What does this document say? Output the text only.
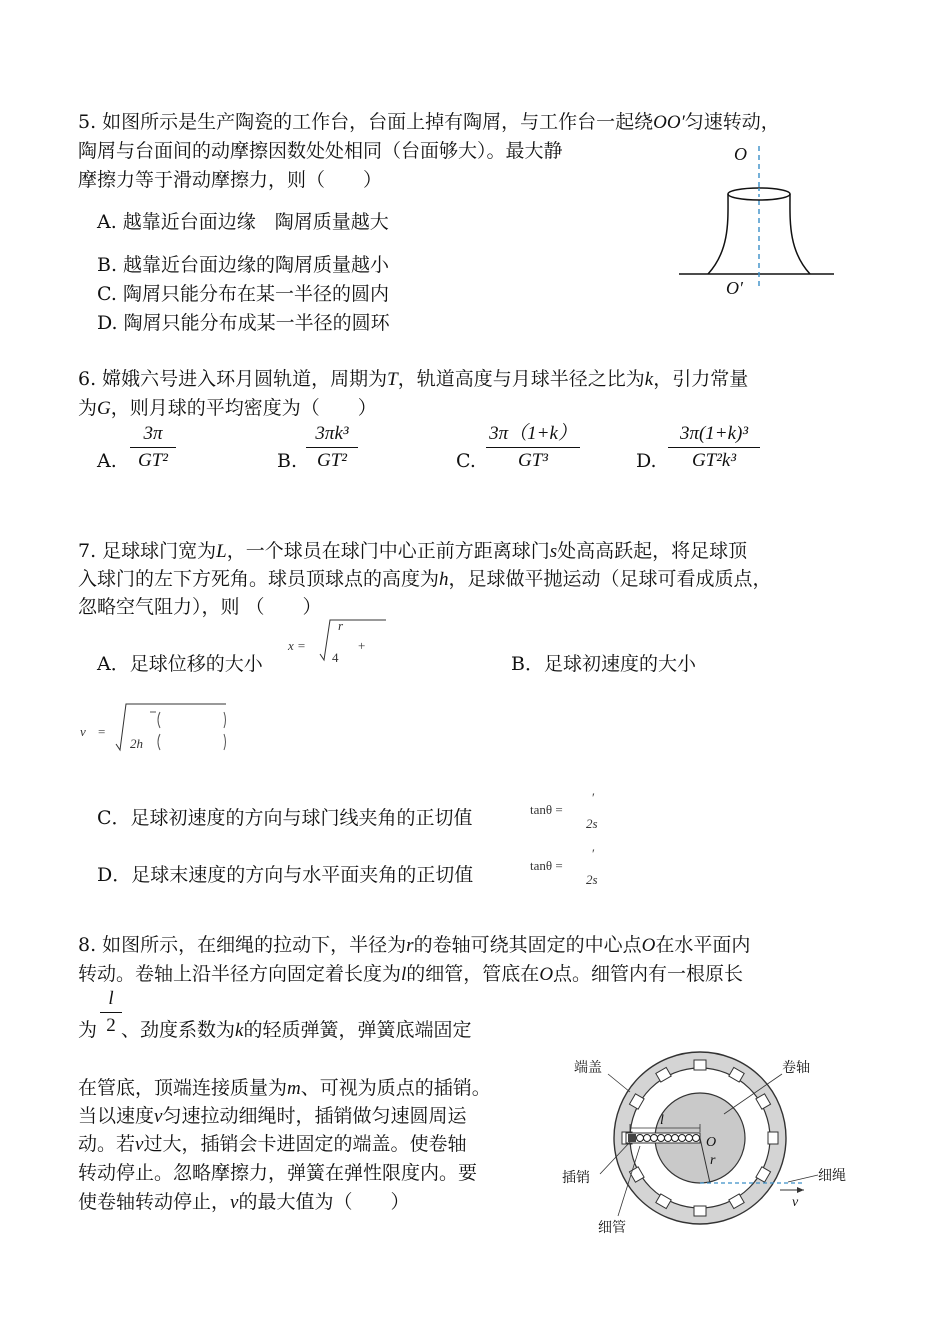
5. 如图所示是生产陶瓷的工作台，台面上掉有陶屑，与工作台一起绕OO′匀速转动，
陶屑与台面间的动摩擦因数处处相同（台面够大）。最大静
摩擦力等于滑动摩擦力，则（　　）
A. 越靠近台面边缘　陶屑质量越大
B. 越靠近台面边缘的陶屑质量越小
C. 陶屑只能分布在某一半径的圆内
D. 陶屑只能分布成某一半径的圆环
O
O′
6. 嫦娥六号进入环月圆轨道，周期为T，轨道高度与月球半径之比为k，引力常量
为G，则月球的平均密度为（　　）
A.
3π
GT²	B.
3πk³
GT²	C.
3π（1+k）
GT³	D.
3π(1+k)³
GT²k³
7. 足球球门宽为L，一个球员在球门中心正前方距离球门s处高高跃起，将足球顶
入球门的左下方死角。球员顶球点的高度为h，足球做平抛运动（足球可看成质点，
忽略空气阻力），则 （　　）
A．足球位移的大小
x =
r
4
+
B．足球初速度的大小
v =
2h
C．足球初速度的方向与球门线夹角的正切值	tanθ =
′
2s
D．足球末速度的方向与水平面夹角的正切值	tanθ =
′
2s
8. 如图所示，在细绳的拉动下，半径为r的卷轴可绕其固定的中心点O在水平面内
转动。卷轴上沿半径方向固定着长度为l的细管，管底在O点。细管内有一根原长
为 、劲度系数为k的轻质弹簧，弹簧底端固定
l
2
在管底，顶端连接质量为m、可视为质点的插销。
当以速度v匀速拉动细绳时，插销做匀速圆周运
动。若v过大，插销会卡进固定的端盖。使卷轴
转动停止。忽略摩擦力，弹簧在弹性限度内。要
使卷轴转动停止，v的最大值为（　　）
端盖	卷轴
插销	细绳
细管
l
O
r
v
